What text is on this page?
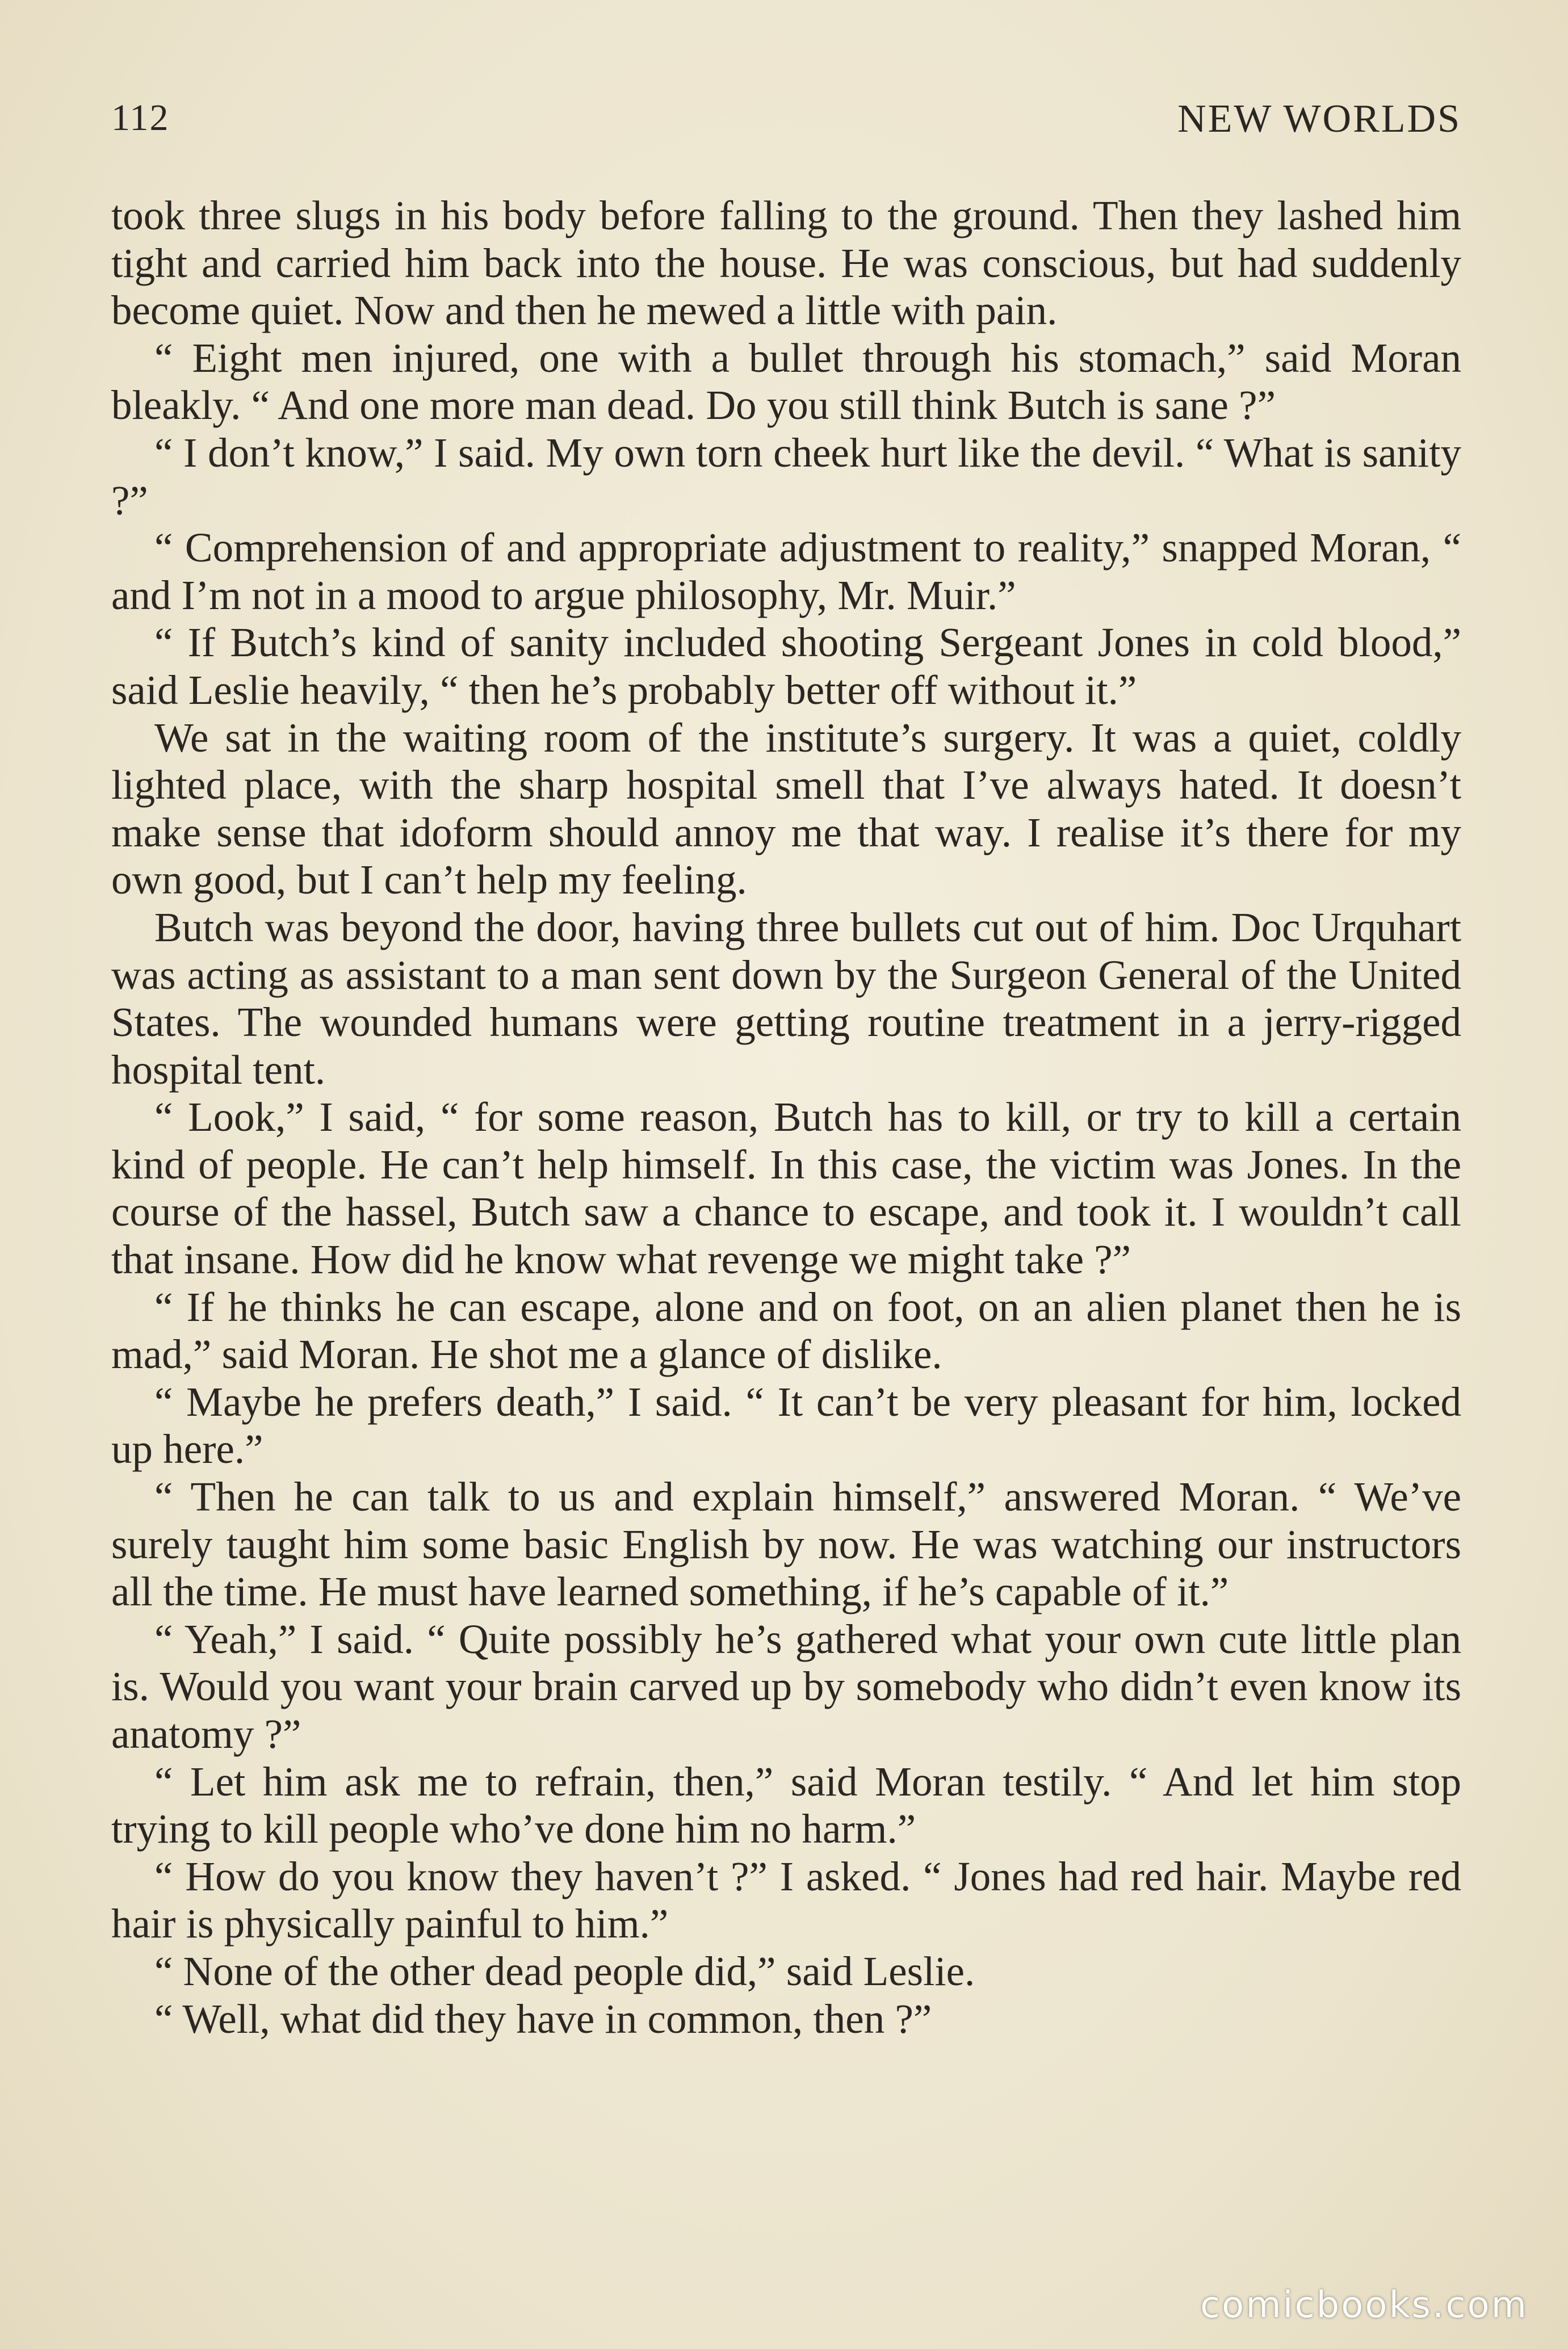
112	NEW WORLDS

took three slugs in his body before falling to the ground. Then they lashed him tight and carried him back into the house. He was conscious, but had suddenly become quiet. Now and then he mewed a little with pain.

“ Eight men injured, one with a bullet through his stomach,” said Moran bleakly. “ And one more man dead. Do you still think Butch is sane ?”

“ I don’t know,” I said. My own torn cheek hurt like the devil. “ What is sanity ?”

“ Comprehension of and appropriate adjustment to reality,” snapped Moran, “ and I’m not in a mood to argue philosophy, Mr. Muir.”

“ If Butch’s kind of sanity included shooting Sergeant Jones in cold blood,” said Leslie heavily, “ then he’s probably better off without it.”

We sat in the waiting room of the institute’s surgery. It was a quiet, coldly lighted place, with the sharp hospital smell that I’ve always hated. It doesn’t make sense that idoform should annoy me that way. I realise it’s there for my own good, but I can’t help my feeling.

Butch was beyond the door, having three bullets cut out of him. Doc Urquhart was acting as assistant to a man sent down by the Surgeon General of the United States. The wounded humans were getting routine treatment in a jerry-rigged hospital tent.

“ Look,” I said, “ for some reason, Butch has to kill, or try to kill a certain kind of people. He can’t help himself. In this case, the victim was Jones. In the course of the hassel, Butch saw a chance to escape, and took it. I wouldn’t call that insane. How did he know what revenge we might take ?”

“ If he thinks he can escape, alone and on foot, on an alien planet then he is mad,” said Moran. He shot me a glance of dislike.

“ Maybe he prefers death,” I said. “ It can’t be very pleasant for him, locked up here.”

“ Then he can talk to us and explain himself,” answered Moran. “ We’ve surely taught him some basic English by now. He was watching our instructors all the time. He must have learned something, if he’s capable of it.”

“ Yeah,” I said. “ Quite possibly he’s gathered what your own cute little plan is. Would you want your brain carved up by somebody who didn’t even know its anatomy ?”

“ Let him ask me to refrain, then,” said Moran testily. “ And let him stop trying to kill people who’ve done him no harm.”

“ How do you know they haven’t ?” I asked. “ Jones had red hair. Maybe red hair is physically painful to him.”

“ None of the other dead people did,” said Leslie.

“ Well, what did they have in common, then ?”

comicbooks.com
